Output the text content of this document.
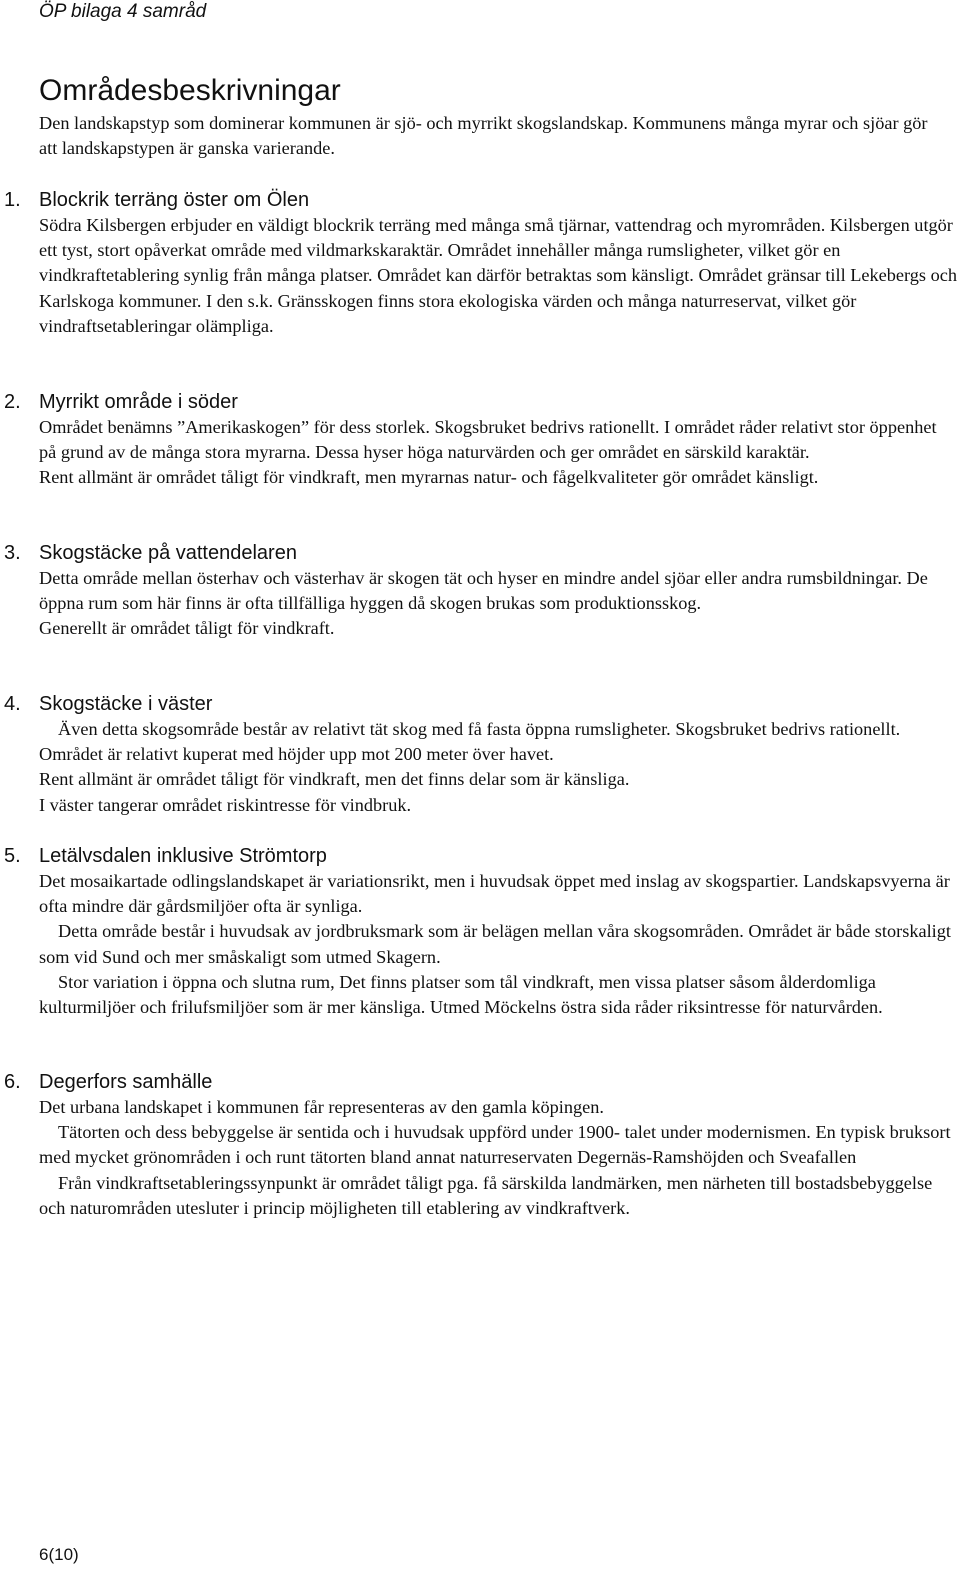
ÖP bilaga 4 samråd
Områdesbeskrivningar

Den landskapstyp som dominerar kommunen är sjö- och myrrikt skogslandskap. Kommunens många myrar och sjöar gör att landskapstypen är ganska varierande.

1. Blockrik terräng öster om Ölen

Södra Kilsbergen erbjuder en väldigt blockrik terräng med många små tjärnar, vattendrag och myrområden. Kilsbergen utgör ett tyst, stort opåverkat område med vildmarkskaraktär. Området innehåller många rumsligheter, vilket gör en vindkraftetablering synlig från många platser. Området kan därför betraktas som känsligt. Området gränsar till Lekebergs och Karlskoga kommuner. I den s.k. Gränsskogen finns stora ekologiska värden och många naturreservat, vilket gör vindraftsetableringar olämpliga.

2. Myrrikt område i söder

Området benämns ”Amerikaskogen” för dess storlek. Skogsbruket bedrivs rationellt. I området råder relativt stor öppenhet på grund av de många stora myrarna. Dessa hyser höga naturvärden och ger området en särskild karaktär.

Rent allmänt är området tåligt för vindkraft, men myrarnas natur- och fågelkvaliteter gör området känsligt.

3. Skogstäcke på vattendelaren

Detta område mellan österhav och västerhav är skogen tät och hyser en mindre andel sjöar eller andra rumsbildningar. De öppna rum som här finns är ofta tillfälliga hyggen då skogen brukas som produktionsskog.

Generellt är området tåligt för vindkraft.

4. Skogstäcke i väster

Även detta skogsområde består av relativt tät skog med få fasta öppna rumsligheter. Skogsbruket bedrivs rationellt. Området är relativt kuperat med höjder upp mot 200 meter över havet.

Rent allmänt är området tåligt för vindkraft, men det finns delar som är känsliga.

I väster tangerar området riskintresse för vindbruk.

5. Letälvsdalen inklusive Strömtorp

Det mosaikartade odlingslandskapet är variationsrikt, men i huvudsak öppet med inslag av skogspartier. Landskapsvyerna är ofta mindre där gårdsmiljöer ofta är synliga.

Detta område består i huvudsak av jordbruksmark som är belägen mellan våra skogsområden. Området är både storskaligt som vid Sund och mer småskaligt som utmed Skagern.

Stor variation i öppna och slutna rum, Det finns platser som tål vindkraft, men vissa platser såsom ålderdomliga kulturmiljöer och frilufsmiljöer som är mer känsliga. Utmed Möckelns östra sida råder riksintresse för naturvården.

6. Degerfors samhälle

Det urbana landskapet i kommunen får representeras av den gamla köpingen.

Tätorten och dess bebyggelse är sentida och i huvudsak uppförd under 1900- talet under modernismen. En typisk bruksort med mycket grönområden i och runt tätorten bland annat naturreservaten Degernäs-Ramshöjden och Sveafallen

Från vindkraftsetableringssynpunkt är området tåligt pga. få särskilda landmärken, men närheten till bostadsbebyggelse och naturområden utesluter i princip möjligheten till etablering av vindkraftverk.

6(10)
